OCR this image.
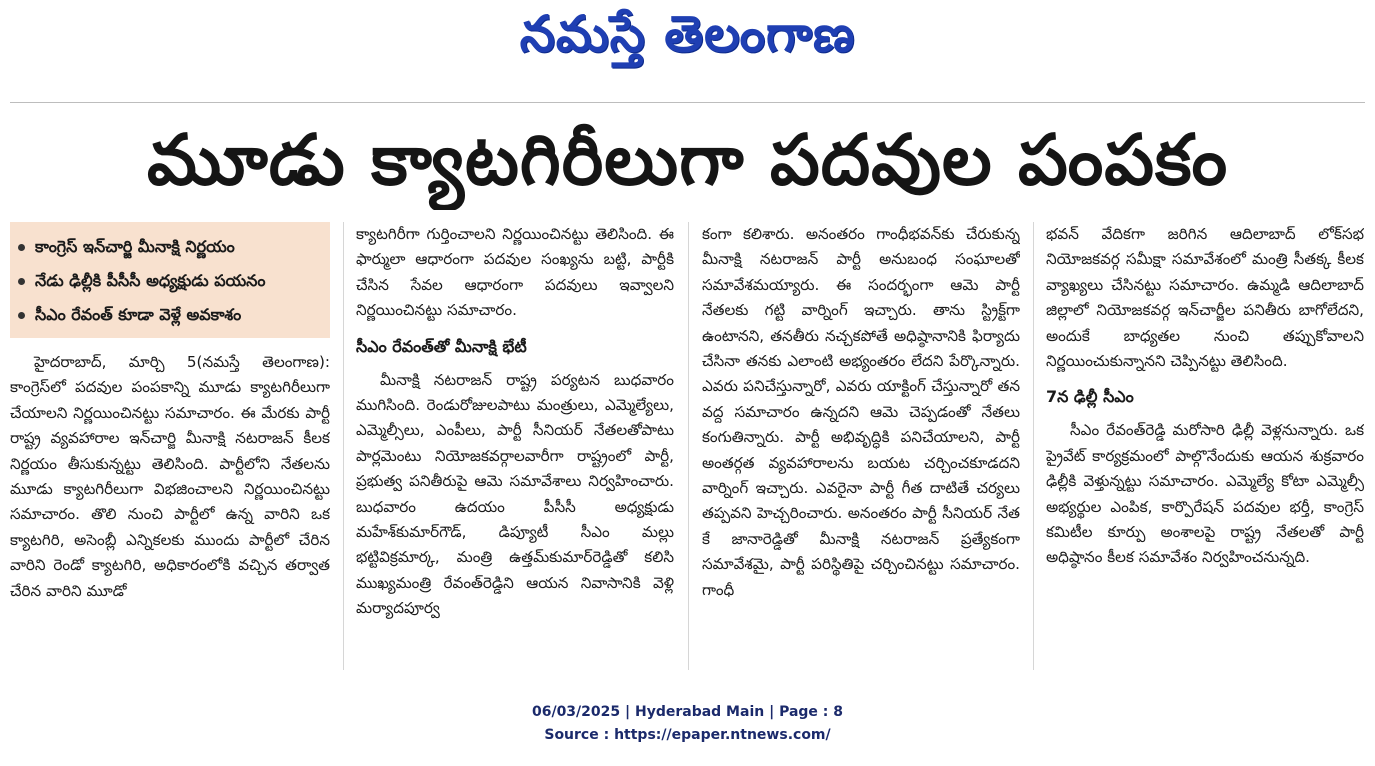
నమస్తే తెలంగాణ
మూడు క్యాటగిరీలుగా పదవుల పంపకం
కాంగ్రెస్ ఇన్‌చార్జి మీనాక్షి నిర్ణయం
నేడు ఢిల్లీకి పీసీసీ అధ్యక్షుడు పయనం
సీఎం రేవంత్ కూడా వెళ్లే అవకాశం

హైదరాబాద్, మార్చి 5(నమస్తే తెలంగాణ): కాంగ్రెస్‌లో పదవుల పంపకాన్ని మూడు క్యాటగిరీలుగా చేయాలని నిర్ణయించినట్టు సమాచారం. ఈ మేరకు పార్టీ రాష్ట్ర వ్యవహారాల ఇన్‌చార్జి మీనాక్షి నటరాజన్ కీలక నిర్ణయం తీసుకున్నట్టు తెలిసింది. పార్టీలోని నేతలను మూడు క్యాటగిరీలుగా విభజించాలని నిర్ణయించినట్టు సమాచారం. తొలి నుంచి పార్టీలో ఉన్న వారిని ఒక క్యాటగిరి, అసెంబ్లీ ఎన్నికలకు ముందు పార్టీలో చేరిన వారిని రెండో క్యాటగిరి, అధికారంలోకి వచ్చిన తర్వాత చేరిన వారిని మూడో

క్యాటగిరీగా గుర్తించాలని నిర్ణయించినట్టు తెలిసింది. ఈ ఫార్ములా ఆధారంగా పదవుల సంఖ్యను బట్టి, పార్టీకి చేసిన సేవల ఆధారంగా పదవులు ఇవ్వాలని నిర్ణయించినట్టు సమాచారం.

సీఎం రేవంత్‌తో మీనాక్షి భేటీ

మీనాక్షి నటరాజన్ రాష్ట్ర పర్యటన బుధవారం ముగిసింది. రెండురోజులపాటు మంత్రులు, ఎమ్మెల్యేలు, ఎమ్మెల్సీలు, ఎంపీలు, పార్టీ సీనియర్ నేతలతోపాటు పార్లమెంటు నియోజకవర్గాలవారీగా రాష్ట్రంలో పార్టీ, ప్రభుత్వ పనితీరుపై ఆమె సమావేశాలు నిర్వహించారు. బుధవారం ఉదయం పీసీసీ అధ్యక్షుడు మహేశ్‌కుమార్‌గౌడ్, డిప్యూటీ సీఎం మల్లు భట్టివిక్రమార్క, మంత్రి ఉత్తమ్‌కుమార్‌రెడ్డితో కలిసి ముఖ్యమంత్రి రేవంత్‌రెడ్డిని ఆయన నివాసానికి వెళ్లి మర్యాదపూర్వ

కంగా కలిశారు. అనంతరం గాంధీభవన్‌కు చేరుకున్న మీనాక్షి నటరాజన్ పార్టీ అనుబంధ సంఘాలతో సమావేశమయ్యారు. ఈ సందర్భంగా ఆమె పార్టీ నేతలకు గట్టి వార్నింగ్ ఇచ్చారు. తాను స్ట్రిక్ట్‌గా ఉంటానని, తనతీరు నచ్చకపోతే అధిష్ఠానానికి ఫిర్యాదు చేసినా తనకు ఎలాంటి అభ్యంతరం లేదని పేర్కొన్నారు. ఎవరు పనిచేస్తున్నారో, ఎవరు యాక్టింగ్ చేస్తున్నారో తన వద్ద సమాచారం ఉన్నదని ఆమె చెప్పడంతో నేతలు కంగుతిన్నారు. పార్టీ అభివృద్ధికి పనిచేయాలని, పార్టీ అంతర్గత వ్యవహారాలను బయట చర్చించకూడదని వార్నింగ్ ఇచ్చారు. ఎవరైనా పార్టీ గీత దాటితే చర్యలు తప్పవని హెచ్చరించారు. అనంతరం పార్టీ సీనియర్ నేత కే జానారెడ్డితో మీనాక్షి నటరాజన్ ప్రత్యేకంగా సమావేశమై, పార్టీ పరిస్థితిపై చర్చించినట్టు సమాచారం. గాంధీ

భవన్ వేదికగా జరిగిన ఆదిలాబాద్ లోక్‌సభ నియోజకవర్గ సమీక్షా సమావేశంలో మంత్రి సీతక్క కీలక వ్యాఖ్యలు చేసినట్టు సమాచారం. ఉమ్మడి ఆదిలాబాద్ జిల్లాలో నియోజకవర్గ ఇన్‌చార్జీల పనితీరు బాగోలేదని, అందుకే బాధ్యతల నుంచి తప్పుకోవాలని నిర్ణయించుకున్నానని చెప్పినట్టు తెలిసింది.

7న ఢిల్లీ సీఎం

సీఎం రేవంత్‌రెడ్డి మరోసారి ఢిల్లీ వెళ్లనున్నారు. ఒక ప్రైవేట్ కార్యక్రమంలో పాల్గొనేందుకు ఆయన శుక్రవారం ఢిల్లీకి వెళ్తున్నట్టు సమాచారం. ఎమ్మెల్యే కోటా ఎమ్మెల్సీ అభ్యర్థుల ఎంపిక, కార్పొరేషన్ పదవుల భర్తీ, కాంగ్రెస్ కమిటీల కూర్పు అంశాలపై రాష్ట్ర నేతలతో పార్టీ అధిష్ఠానం కీలక సమావేశం నిర్వహించనున్నది.

06/03/2025 | Hyderabad Main | Page : 8
Source : https://epaper.ntnews.com/
